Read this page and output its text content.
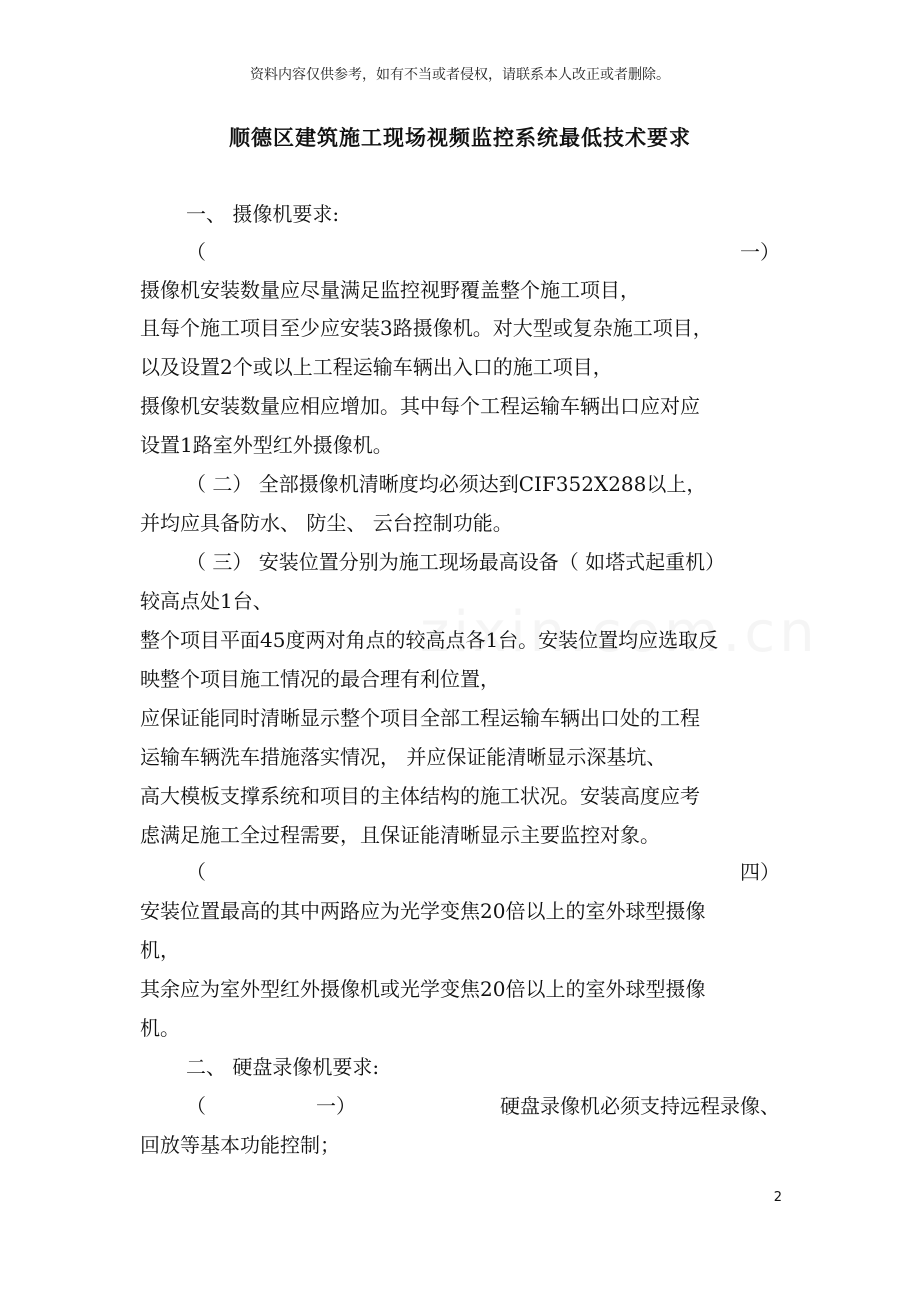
资料内容仅供参考，如有不当或者侵权，请联系本人改正或者删除。
顺德区建筑施工现场视频监控系统最低技术要求
一、 摄像机要求:
（	一）
摄像机安装数量应尽量满足监控视野覆盖整个施工项目，
且每个施工项目至少应安装3路摄像机。对大型或复杂施工项目，
以及设置2个或以上工程运输车辆出入口的施工项目，
摄像机安装数量应相应增加。其中每个工程运输车辆出口应对应
设置1路室外型红外摄像机。
（ 二） 全部摄像机清晰度均必须达到CIF352X288以上，
并均应具备防水、 防尘、 云台控制功能。
（ 三） 安装位置分别为施工现场最高设备（ 如塔式起重机）
较高点处1台、
整个项目平面45度两对角点的较高点各1台。安装位置均应选取反
映整个项目施工情况的最合理有利位置，
应保证能同时清晰显示整个项目全部工程运输车辆出口处的工程
运输车辆洗车措施落实情况， 并应保证能清晰显示深基坑、
高大模板支撑系统和项目的主体结构的施工状况。安装高度应考
虑满足施工全过程需要，且保证能清晰显示主要监控对象。
（	四）
安装位置最高的其中两路应为光学变焦20倍以上的室外球型摄像
机，
其余应为室外型红外摄像机或光学变焦20倍以上的室外球型摄像
机。
二、 硬盘录像机要求:
（	一）	硬盘录像机必须支持远程录像、
回放等基本功能控制；
2
